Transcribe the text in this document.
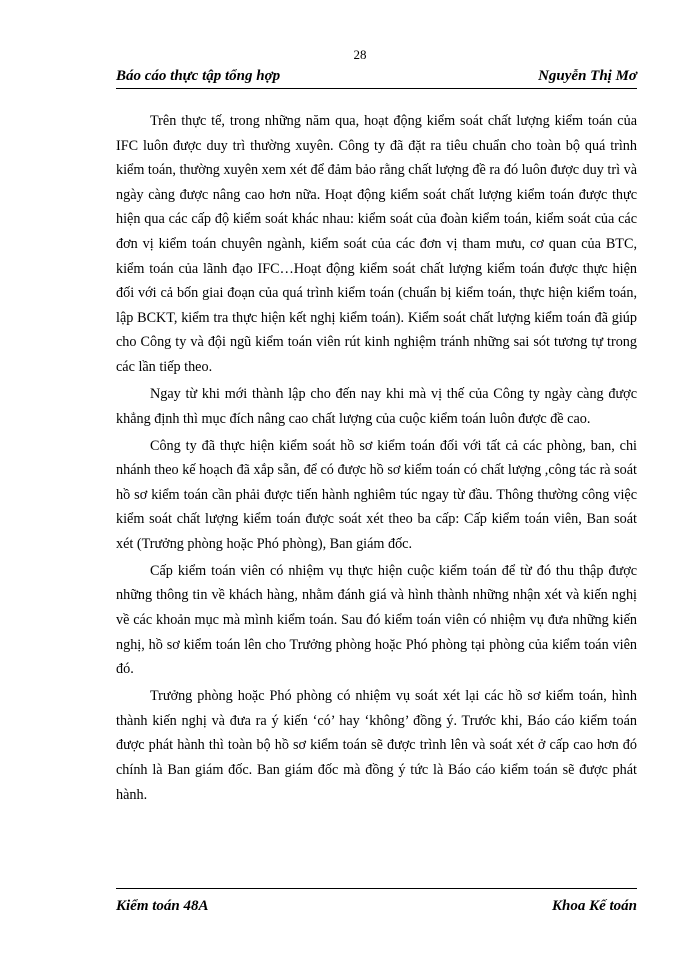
28
Báo cáo thực tập tổng hợp	Nguyễn Thị Mơ

Trên thực tế, trong những năm qua, hoạt động kiểm soát chất lượng kiểm toán của IFC luôn được duy trì thường xuyên. Công ty đã đặt ra tiêu chuẩn cho toàn bộ quá trình kiểm toán, thường xuyên xem xét để đảm bảo rằng chất lượng đề ra đó luôn được duy trì và ngày càng được nâng cao hơn nữa. Hoạt động kiểm soát chất lượng kiểm toán được thực hiện qua các cấp độ kiểm soát khác nhau: kiểm soát của đoàn kiểm toán, kiểm soát của các đơn vị kiểm toán chuyên ngành, kiểm soát của các đơn vị tham mưu, cơ quan của BTC, kiểm toán của lãnh đạo IFC…Hoạt động kiểm soát chất lượng kiểm toán được thực hiện đối với cả bốn giai đoạn của quá trình kiểm toán (chuẩn bị kiểm toán, thực hiện kiểm toán, lập BCKT, kiểm tra thực hiện kết nghị kiểm toán). Kiểm soát chất lượng kiểm toán đã giúp cho Công ty và đội ngũ kiểm toán viên rút kinh nghiệm tránh những sai sót tương tự trong các lần tiếp theo.

Ngay từ khi mới thành lập cho đến nay khi mà vị thế của Công ty ngày càng được khẳng định thì mục đích nâng cao chất lượng của cuộc kiểm toán luôn được đề cao.

Công ty đã thực hiện kiểm soát hồ sơ kiểm toán đối với tất cả các phòng, ban, chi nhánh theo kế hoạch đã xắp sẵn, để có được hồ sơ kiểm toán có chất lượng ,công tác rà soát hồ sơ kiểm toán cần phải được tiến hành nghiêm túc ngay từ đầu. Thông thường công việc kiểm soát chất lượng kiểm toán được soát xét theo ba cấp: Cấp kiểm toán viên, Ban soát xét (Trưởng phòng hoặc Phó phòng), Ban giám đốc.

Cấp kiểm toán viên có nhiệm vụ thực hiện cuộc kiểm toán để từ đó thu thập được những thông tin về khách hàng, nhằm đánh giá và hình thành những nhận xét và kiến nghị về các khoản mục mà mình kiểm toán. Sau đó kiểm toán viên có nhiệm vụ đưa những kiến nghị, hồ sơ kiểm toán lên cho Trưởng phòng hoặc Phó phòng tại phòng của kiểm toán viên đó.

Trưởng phòng hoặc Phó phòng có nhiệm vụ soát xét lại các hồ sơ kiểm toán, hình thành kiến nghị và đưa ra ý kiến ‘có’ hay ‘không’ đồng ý. Trước khi, Báo cáo kiểm toán được phát hành thì toàn bộ hồ sơ kiểm toán sẽ được trình lên và soát xét ở cấp cao hơn đó chính là Ban giám đốc. Ban giám đốc mà đồng ý tức là Báo cáo kiểm toán sẽ được phát hành.

Kiểm toán 48A	Khoa Kế toán
